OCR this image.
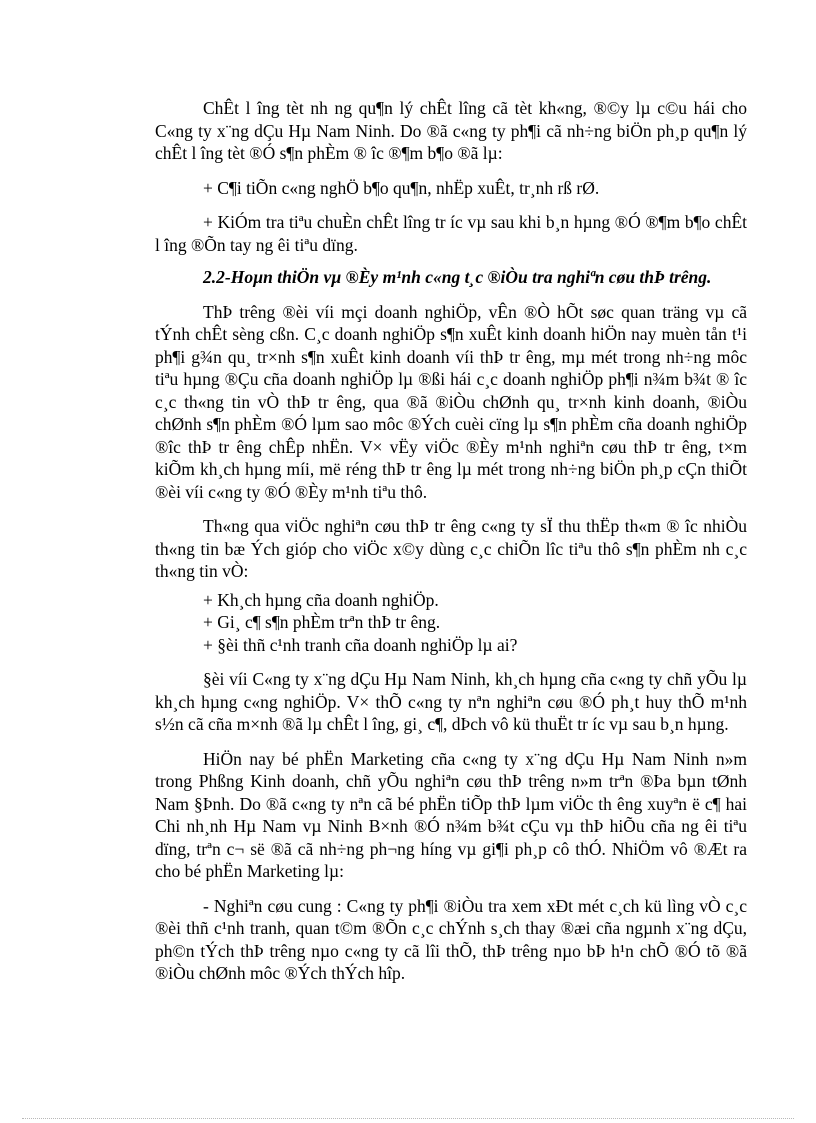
ChÊt l îng tèt nh ng qu¶n lý chÊt lîng cã tèt kh«ng, ®©y lµ c©u hái cho C«ng ty x¨ng dÇu Hµ Nam Ninh. Do ®ã c«ng ty ph¶i cã nh÷ng biÖn ph¸p qu¶n lý chÊt l îng tèt ®Ó s¶n phÈm ® îc ®¶m b¶o ®ã lµ:

+ C¶i tiÕn c«ng nghÖ b¶o qu¶n, nhËp xuÊt, tr¸nh rß rØ.

+ KiÓm tra tiªu chuÈn chÊt lîng tr íc vµ sau khi b¸n hµng ®Ó ®¶m b¶o chÊt l îng ®Õn tay ng êi tiªu dïng.

2.2-Hoµn thiÖn vµ ®Èy m¹nh c«ng t¸c ®iÒu tra nghiªn cøu thÞ trêng.

ThÞ trêng ®èi víi mçi doanh nghiÖp, vÊn ®Ò hÕt søc quan träng vµ cã tÝnh chÊt sèng cßn. C¸c doanh nghiÖp s¶n xuÊt kinh doanh hiÖn nay muèn tån t¹i ph¶i g¾n qu¸ tr×nh s¶n xuÊt kinh doanh víi thÞ tr êng, mµ mét trong nh÷ng môc tiªu hµng ®Çu cña doanh nghiÖp lµ ®ßi hái c¸c doanh nghiÖp ph¶i n¾m b¾t ® îc c¸c th«ng tin vÒ thÞ tr êng, qua ®ã ®iÒu chØnh qu¸ tr×nh kinh doanh, ®iÒu chØnh s¶n phÈm ®Ó lµm sao môc ®Ých cuèi cïng lµ s¶n phÈm cña doanh nghiÖp ®îc thÞ tr êng chÊp nhËn. V× vËy viÖc ®Èy m¹nh nghiªn cøu thÞ tr êng, t×m kiÕm kh¸ch hµng míi, më réng thÞ tr êng lµ mét trong nh÷ng biÖn ph¸p cÇn thiÕt ®èi víi c«ng ty ®Ó ®Èy m¹nh tiªu thô.

Th«ng qua viÖc nghiªn cøu thÞ tr êng c«ng ty sÏ thu thËp th«m ® îc nhiÒu th«ng tin bæ Ých gióp cho viÖc x©y dùng c¸c chiÕn lîc tiªu thô s¶n phÈm nh c¸c th«ng tin vÒ:

+ Kh¸ch hµng cña doanh nghiÖp.

+ Gi¸ c¶ s¶n phÈm trªn thÞ tr êng.

+ §èi thñ c¹nh tranh cña doanh nghiÖp lµ ai?

§èi víi C«ng ty x¨ng dÇu Hµ Nam Ninh, kh¸ch hµng cña c«ng ty chñ yÕu lµ kh¸ch hµng c«ng nghiÖp. V× thÕ c«ng ty nªn nghiªn cøu ®Ó ph¸t huy thÕ m¹nh s½n cã cña m×nh ®ã lµ chÊt l îng, gi¸ c¶, dÞch vô kü thuËt tr íc vµ sau b¸n hµng.

HiÖn nay bé phËn Marketing cña c«ng ty x¨ng dÇu Hµ Nam Ninh n»m trong Phßng Kinh doanh, chñ yÕu nghiªn cøu thÞ trêng n»m trªn ®Þa bµn tØnh Nam §Þnh. Do ®ã c«ng ty nªn cã bé phËn tiÕp thÞ lµm viÖc th êng xuyªn ë c¶ hai Chi nh¸nh Hµ Nam vµ Ninh B×nh ®Ó n¾m b¾t cÇu vµ thÞ hiÕu cña ng êi tiªu dïng, trªn c¬ së ®ã cã nh÷ng ph¬ng híng vµ gi¶i ph¸p cô thÓ. NhiÖm vô ®Æt ra cho bé phËn Marketing lµ:

- Nghiªn cøu cung : C«ng ty ph¶i ®iÒu tra xem xÐt mét c¸ch kü lìng vÒ c¸c ®èi thñ c¹nh tranh, quan t©m ®Õn c¸c chÝnh s¸ch thay ®æi cña ngµnh x¨ng dÇu, ph©n tÝch thÞ trêng nµo c«ng ty cã lîi thÕ, thÞ trêng nµo bÞ h¹n chÕ ®Ó tõ ®ã ®iÒu chØnh môc ®Ých thÝch hîp.
